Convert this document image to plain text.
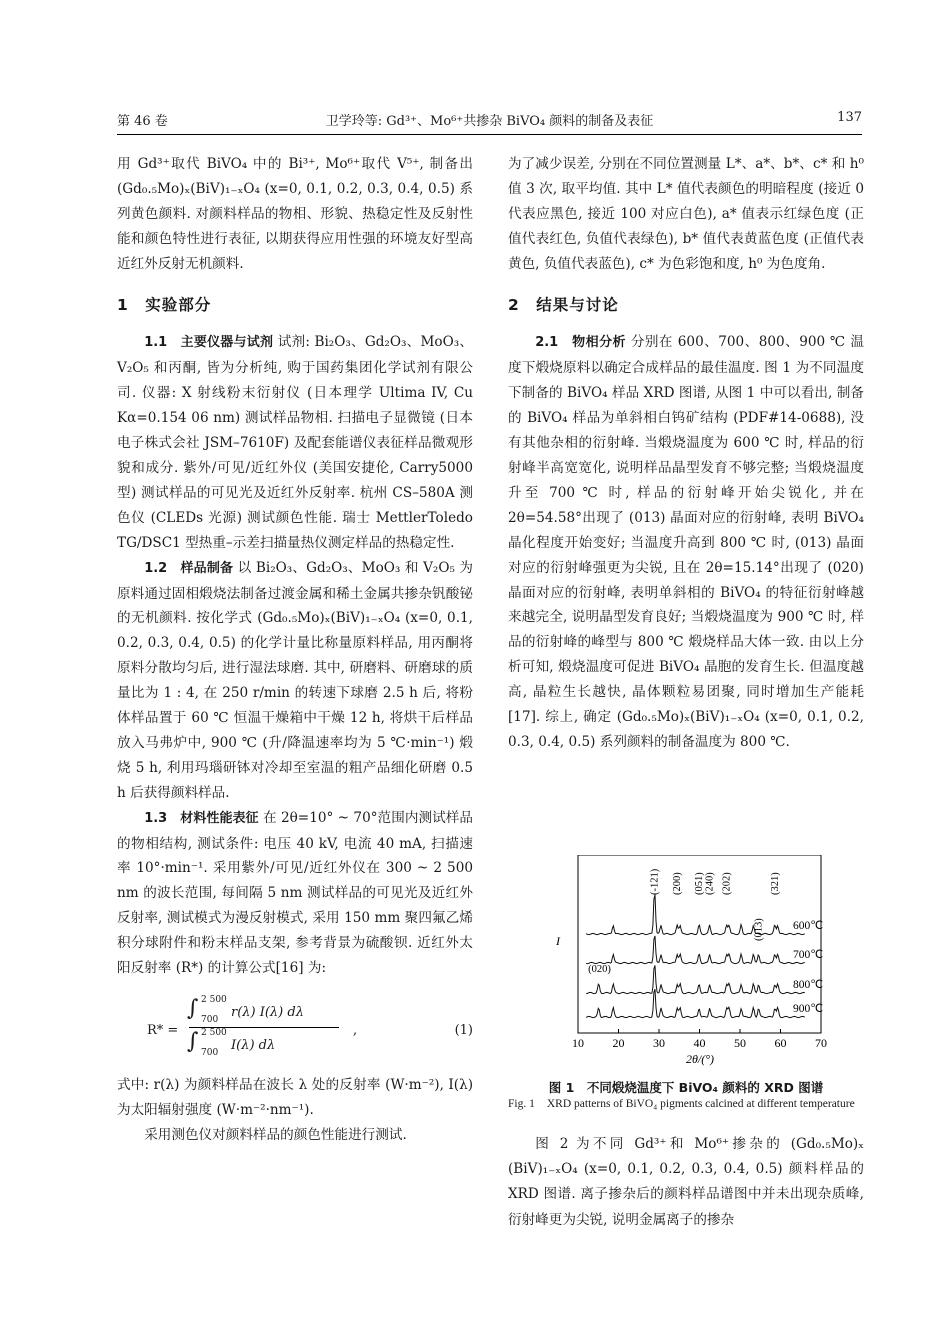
第 46 卷	卫学玲等: Gd³⁺、Mo⁶⁺共掺杂 BiVO₄ 颜料的制备及表征	137

用 Gd³⁺取代 BiVO₄ 中的 Bi³⁺, Mo⁶⁺取代 V⁵⁺, 制备出 (Gd₀.₅Mo)ₓ(BiV)₁₋ₓO₄ (x=0, 0.1, 0.2, 0.3, 0.4, 0.5) 系列黄色颜料. 对颜料样品的物相、形貌、热稳定性及反射性能和颜色特性进行表征, 以期获得应用性强的环境友好型高近红外反射无机颜料.

1　实验部分

1.1　主要仪器与试剂 试剂: Bi₂O₃、Gd₂O₃、MoO₃、V₂O₅ 和丙酮, 皆为分析纯, 购于国药集团化学试剂有限公司. 仪器: X 射线粉末衍射仪 (日本理学 Ultima IV, Cu Kα=0.154 06 nm) 测试样品物相. 扫描电子显微镜 (日本电子株式会社 JSM–7610F) 及配套能谱仪表征样品微观形貌和成分. 紫外/可见/近红外仪 (美国安捷伦, Carry5000 型) 测试样品的可见光及近红外反射率. 杭州 CS–580A 测色仪 (CLEDs 光源) 测试颜色性能. 瑞士 MettlerToledo TG/DSC1 型热重–示差扫描量热仪测定样品的热稳定性.

1.2　样品制备 以 Bi₂O₃、Gd₂O₃、MoO₃ 和 V₂O₅ 为原料通过固相煅烧法制备过渡金属和稀土金属共掺杂钒酸铋的无机颜料. 按化学式 (Gd₀.₅Mo)ₓ(BiV)₁₋ₓO₄ (x=0, 0.1, 0.2, 0.3, 0.4, 0.5) 的化学计量比称量原料样品, 用丙酮将原料分散均匀后, 进行湿法球磨. 其中, 研磨料、研磨球的质量比为 1 : 4, 在 250 r/min 的转速下球磨 2.5 h 后, 将粉体样品置于 60 ℃ 恒温干燥箱中干燥 12 h, 将烘干后样品放入马弗炉中, 900 ℃ (升/降温速率均为 5 ℃·min⁻¹) 煅烧 5 h, 利用玛瑙研钵对冷却至室温的粗产品细化研磨 0.5 h 后获得颜料样品.

1.3　材料性能表征 在 2θ=10° ~ 70°范围内测试样品的物相结构, 测试条件: 电压 40 kV, 电流 40 mA, 扫描速率 10°·min⁻¹. 采用紫外/可见/近红外仪在 300 ~ 2 500 nm 的波长范围, 每间隔 5 nm 测试样品的可见光及近红外反射率, 测试模式为漫反射模式, 采用 150 mm 聚四氟乙烯积分球附件和粉末样品支架, 参考背景为硫酸钡. 近红外太阳反射率 (R*) 的计算公式[16] 为:

R* =
∫ 2 500
700 r(λ) I(λ) dλ
∫ 2 500
700 I(λ) dλ
,	(1)

式中: r(λ) 为颜料样品在波长 λ 处的反射率 (W·m⁻²), I(λ) 为太阳辐射强度 (W·m⁻²·nm⁻¹).

采用测色仪对颜料样品的颜色性能进行测试.

为了减少误差, 分别在不同位置测量 L*、a*、b*、c* 和 h⁰ 值 3 次, 取平均值. 其中 L* 值代表颜色的明暗程度 (接近 0 代表应黑色, 接近 100 对应白色), a* 值表示红绿色度 (正值代表红色, 负值代表绿色), b* 值代表黄蓝色度 (正值代表黄色, 负值代表蓝色), c* 为色彩饱和度, h⁰ 为色度角.

2　结果与讨论

2.1　物相分析 分别在 600、700、800、900 ℃ 温度下煅烧原料以确定合成样品的最佳温度. 图 1 为不同温度下制备的 BiVO₄ 样品 XRD 图谱, 从图 1 中可以看出, 制备的 BiVO₄ 样品为单斜相白钨矿结构 (PDF#14-0688), 没有其他杂相的衍射峰. 当煅烧温度为 600 ℃ 时, 样品的衍射峰半高宽宽化, 说明样品晶型发育不够完整; 当煅烧温度升至 700 ℃ 时, 样品的衍射峰开始尖锐化, 并在 2θ=54.58°出现了 (013) 晶面对应的衍射峰, 表明 BiVO₄ 晶化程度开始变好; 当温度升高到 800 ℃ 时, (013) 晶面对应的衍射峰强更为尖锐, 且在 2θ=15.14°出现了 (020) 晶面对应的衍射峰, 表明单斜相的 BiVO₄ 的特征衍射峰越来越完全, 说明晶型发育良好; 当煅烧温度为 900 ℃ 时, 样品的衍射峰的峰型与 800 ℃ 煅烧样品大体一致. 由以上分析可知, 煅烧温度可促进 BiVO₄ 晶胞的发育生长. 但温度越高, 晶粒生长越快, 晶体颗粒易团聚, 同时增加生产能耗[17]. 综上, 确定 (Gd₀.₅Mo)ₓ(BiV)₁₋ₓO₄ (x=0, 0.1, 0.2, 0.3, 0.4, 0.5) 系列颜料的制备温度为 800 ℃.

10 20 30 40 50 60 70
600℃
700℃
800℃
900℃
(-121) (200) (051) (240) (202)
(013)
(321)
(020)
I
2θ/(°)
图 1　不同煅烧温度下 BiVO₄ 颜料的 XRD 图谱
Fig. 1 XRD patterns of BiVO₄ pigments calcined at different temperature

图 2 为不同 Gd³⁺和 Mo⁶⁺掺杂的 (Gd₀.₅Mo)ₓ (BiV)₁₋ₓO₄ (x=0, 0.1, 0.2, 0.3, 0.4, 0.5) 颜料样品的 XRD 图谱. 离子掺杂后的颜料样品谱图中并未出现杂质峰, 衍射峰更为尖锐, 说明金属离子的掺杂
